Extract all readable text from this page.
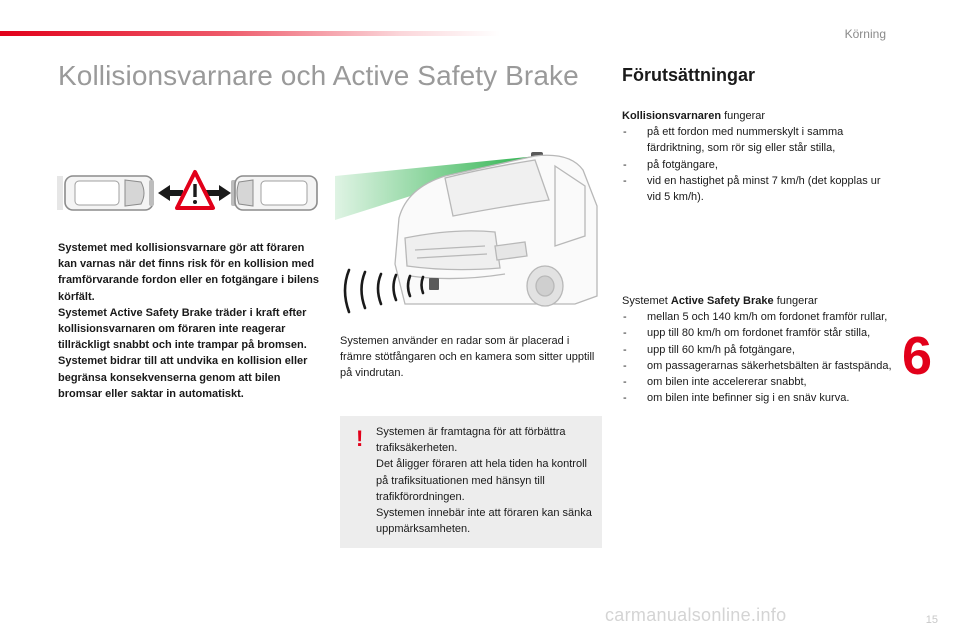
Körning
Kollisionsvarnare och Active Safety Brake Förutsättningar

Systemet med kollisionsvarnare gör att föraren kan varnas när det finns risk för en kollision med framförvarande fordon eller en fotgängare i bilens körfält.

Systemet Active Safety Brake träder i kraft efter kollisionsvarnaren om föraren inte reagerar tillräckligt snabbt och inte trampar på bromsen.

Systemet bidrar till att undvika en kollision eller begränsa konsekvenserna genom att bilen bromsar eller saktar in automatiskt.

Systemen använder en radar som är placerad i främre stötfångaren och en kamera som sitter upptill på vindrutan.

! Systemen är framtagna för att förbättra trafiksäkerheten.

Det åligger föraren att hela tiden ha kontroll på trafiksituationen med hänsyn till trafikförordningen.

Systemen innebär inte att föraren kan sänka uppmärksamheten.

Kollisionsvarnaren fungerar

- på ett fordon med nummerskylt i samma färdriktning, som rör sig eller står stilla,
- på fotgängare,
- vid en hastighet på minst 7 km/h (det kopplas ur vid 5 km/h).

Systemet Active Safety Brake fungerar

- mellan 5 och 140 km/h om fordonet framför rullar,
- upp till 80 km/h om fordonet framför står stilla,
- upp till 60 km/h på fotgängare,
- om passagerarnas säkerhetsbälten är fastspända,
- om bilen inte accelererar snabbt,
- om bilen inte befinner sig i en snäv kurva.
6
carmanualsonline.info	15
